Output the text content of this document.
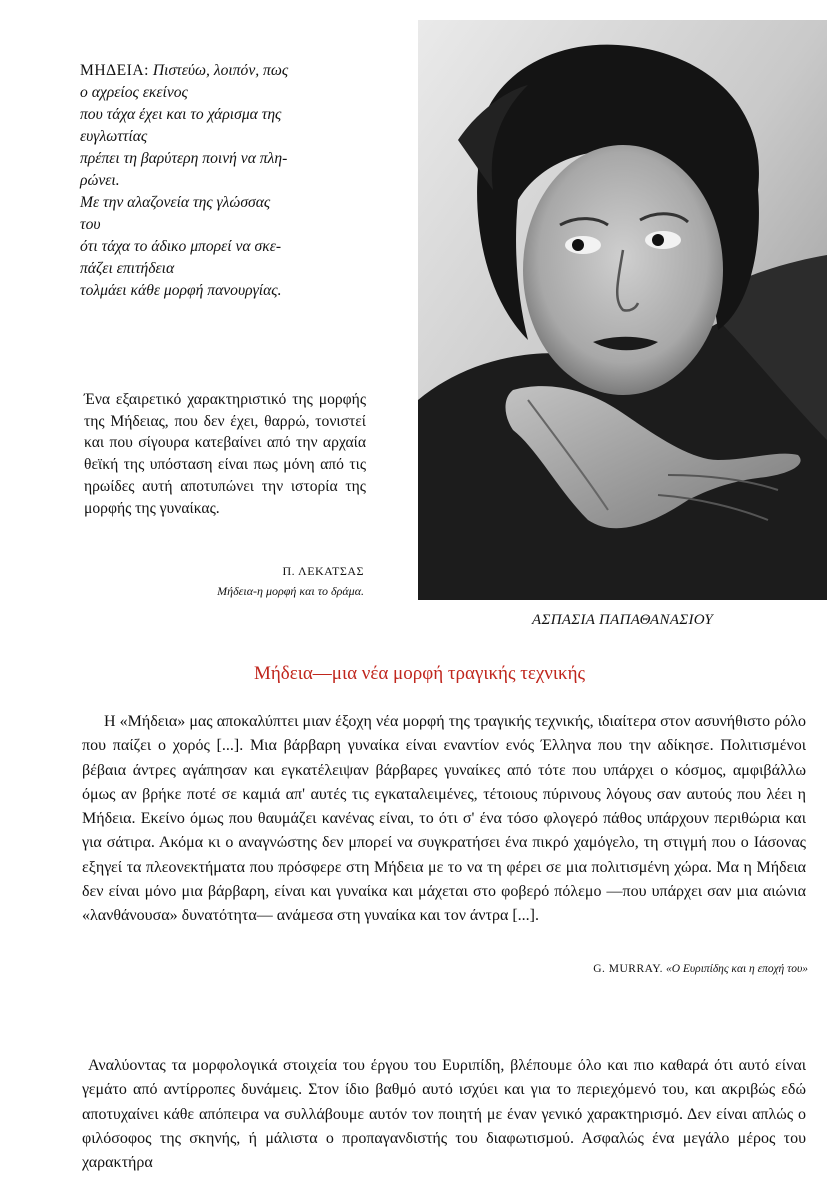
ΜΗΔΕΙΑ: Πιστεύω, λοιπόν, πως
ο αχρείος εκείνος
που τάχα έχει και το χάρισμα της
ευγλωττίας
πρέπει τη βαρύτερη ποινή να πλη-
ρώνει.
Με την αλαζονεία της γλώσσας
του
ότι τάχα το άδικο μπορεί να σκε-
πάζει επιτήδεια
τολμάει κάθε μορφή πανουργίας.
Ένα εξαιρετικό χαρακτηριστικό της μορφής της Μήδειας, που δεν έχει, θαρρώ, τονιστεί και που σίγουρα κατεβαίνει από την αρχαία θεϊκή της υπόσταση είναι πως μόνη από τις ηρωίδες αυτή αποτυπώνει την ιστορία της μορφής της γυναίκας.
Π. ΛΕΚΑΤΣΑΣ
Μήδεια-η μορφή και το δράμα.
ΑΣΠΑΣΙΑ ΠΑΠΑΘΑΝΑΣΙΟΥ
Μήδεια—μια νέα μορφή τραγικής τεχνικής
Η «Μήδεια» μας αποκαλύπτει μιαν έξοχη νέα μορφή της τραγικής τεχνικής, ιδιαίτερα στον ασυνήθιστο ρόλο που παίζει ο χορός [...]. Μια βάρβαρη γυναίκα είναι εναντίον ενός Έλληνα που την αδίκησε. Πολιτισμένοι βέβαια άντρες αγάπησαν και εγκατέλειψαν βάρβαρες γυναίκες από τότε που υπάρχει ο κόσμος, αμφιβάλλω όμως αν βρήκε ποτέ σε καμιά απ' αυτές τις εγκαταλειμένες, τέτοιους πύρινους λόγους σαν αυτούς που λέει η Μήδεια. Εκείνο όμως που θαυμάζει κανένας είναι, το ότι σ' ένα τόσο φλογερό πάθος υπάρχουν περιθώρια και για σάτιρα. Ακόμα κι ο αναγνώστης δεν μπορεί να συγκρατήσει ένα πικρό χαμόγελο, τη στιγμή που ο Ιάσονας εξηγεί τα πλεονεκτήματα που πρόσφερε στη Μήδεια με το να τη φέρει σε μια πολιτισμένη χώρα. Μα η Μήδεια δεν είναι μόνο μια βάρβαρη, είναι και γυναίκα και μάχεται στο φοβερό πόλεμο —που υπάρχει σαν μια αιώνια «λανθάνουσα» δυνατότητα— ανάμεσα στη γυναίκα και τον άντρα [...].
G. MURRAY. «Ο Ευριπίδης και η εποχή του»
Αναλύοντας τα μορφολογικά στοιχεία του έργου του Ευριπίδη, βλέπουμε όλο και πιο καθαρά ότι αυτό είναι γεμάτο από αντίρροπες δυνάμεις. Στον ίδιο βαθμό αυτό ισχύει και για το περιεχόμενό του, και ακριβώς εδώ αποτυχαίνει κάθε απόπειρα να συλλάβουμε αυτόν τον ποιητή με έναν γενικό χαρακτηρισμό. Δεν είναι απλώς ο φιλόσοφος της σκηνής, ή μάλιστα ο προπαγανδιστής του διαφωτισμού. Ασφαλώς ένα μεγάλο μέρος του χαρακτήρα
